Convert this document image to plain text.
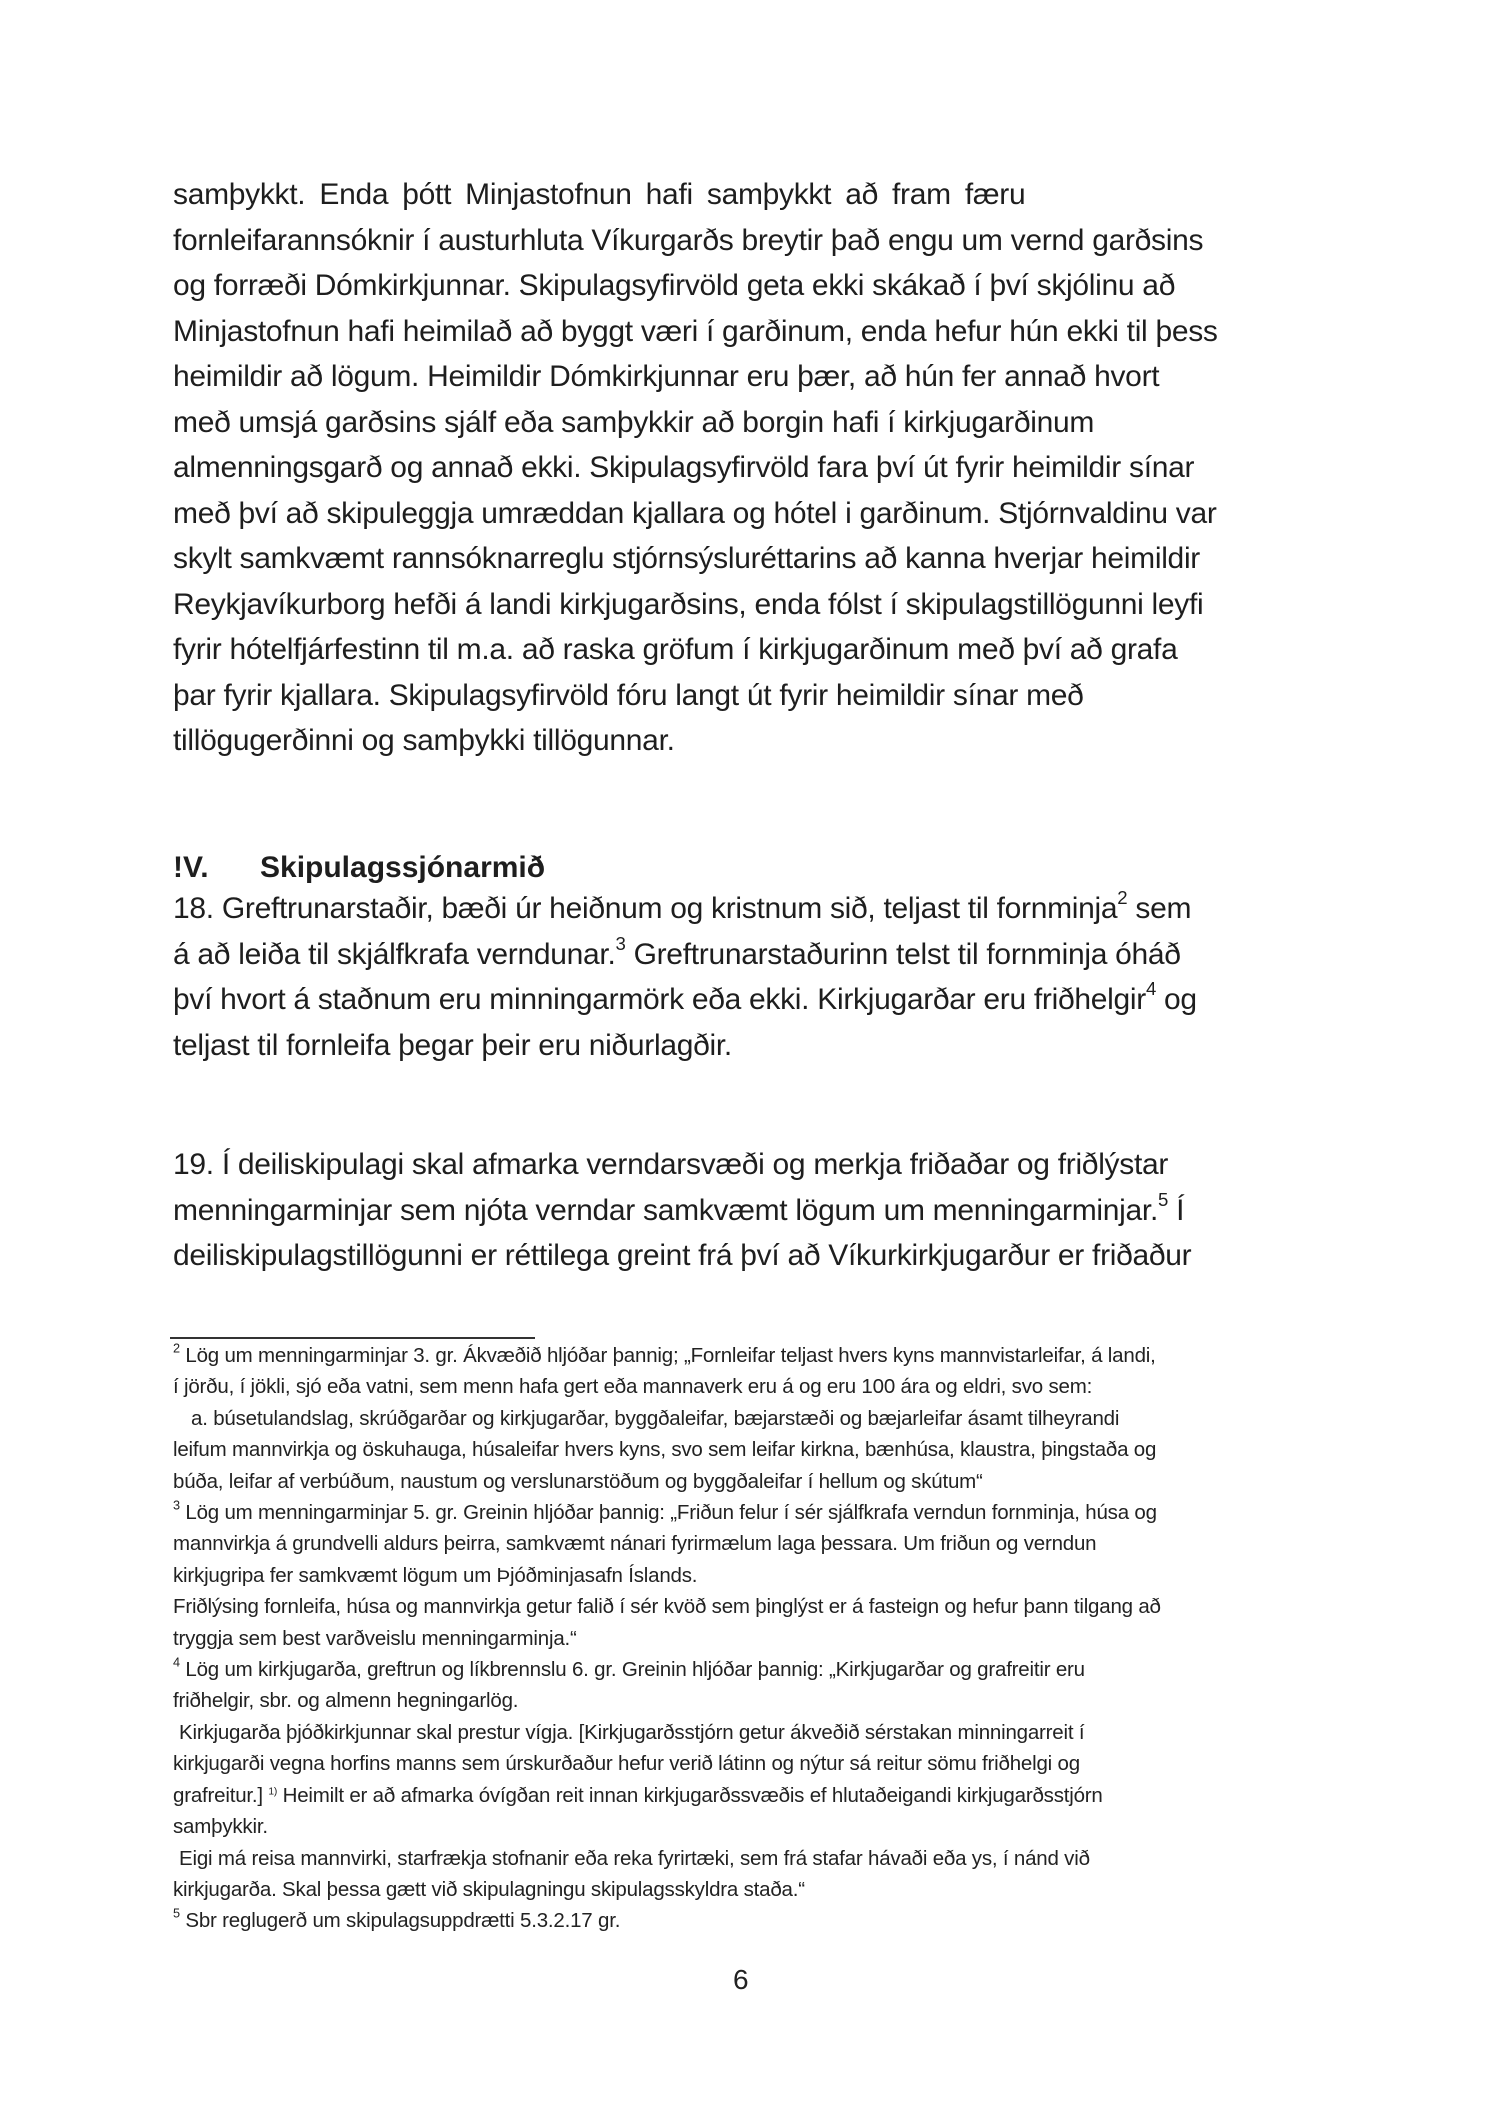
samþykkt. Enda þótt Minjastofnun hafi samþykkt að fram færu
fornleifarannsóknir í austurhluta Víkurgarðs breytir það engu um vernd garðsins
og forræði Dómkirkjunnar. Skipulagsyfirvöld geta ekki skákað í því skjólinu að
Minjastofnun hafi heimilað að byggt væri í garðinum, enda hefur hún ekki til þess
heimildir að lögum. Heimildir Dómkirkjunnar eru þær, að hún fer annað hvort
með umsjá garðsins sjálf eða samþykkir að borgin hafi í kirkjugarðinum
almenningsgarð og annað ekki. Skipulagsyfirvöld fara því út fyrir heimildir sínar
með því að skipuleggja umræddan kjallara og hótel i garðinum. Stjórnvaldinu var
skylt samkvæmt rannsóknarreglu stjórnsýsluréttarins að kanna hverjar heimildir
Reykjavíkurborg hefði á landi kirkjugarðsins, enda fólst í skipulagstillögunni leyfi
fyrir hótelfjárfestinn til m.a. að raska gröfum í kirkjugarðinum með því að grafa
þar fyrir kjallara. Skipulagsyfirvöld fóru langt út fyrir heimildir sínar með
tillögugerðinni og samþykki tillögunnar.
!V. Skipulagssjónarmið
18. Greftrunarstaðir, bæði úr heiðnum og kristnum sið, teljast til fornminja$^2$ sem
á að leiða til skjálfkrafa verndunar.$^3$ Greftrunarstaðurinn telst til fornminja óháð
því hvort á staðnum eru minningarmörk eða ekki. Kirkjugarðar eru friðhelgir$^4$ og
teljast til fornleifa þegar þeir eru niðurlagðir.
19. Í deiliskipulagi skal afmarka verndarsvæði og merkja friðaðar og friðlýstar
menningarminjar sem njóta verndar samkvæmt lögum um menningarminjar.$^5$ Í
deiliskipulagstillögunni er réttilega greint frá því að Víkurkirkjugarður er friðaður
$^2$ Lög um menningarminjar 3. gr. Ákvæðið hljóðar þannig; „Fornleifar teljast hvers kyns mannvistarleifar, á landi,
í jörðu, í jökli, sjó eða vatni, sem menn hafa gert eða mannaverk eru á og eru 100 ára og eldri, svo sem:
a. búsetulandslag, skrúðgarðar og kirkjugarðar, byggðaleifar, bæjarstæði og bæjarleifar ásamt tilheyrandi
leifum mannvirkja og öskuhauga, húsaleifar hvers kyns, svo sem leifar kirkna, bænhúsa, klaustra, þingstaða og
búða, leifar af verbúðum, naustum og verslunarstöðum og byggðaleifar í hellum og skútum“
$^3$ Lög um menningarminjar 5. gr. Greinin hljóðar þannig: „Friðun felur í sér sjálfkrafa verndun fornminja, húsa og
mannvirkja á grundvelli aldurs þeirra, samkvæmt nánari fyrirmælum laga þessara. Um friðun og verndun
kirkjugripa fer samkvæmt lögum um Þjóðminjasafn Íslands.
Friðlýsing fornleifa, húsa og mannvirkja getur falið í sér kvöð sem þinglýst er á fasteign og hefur þann tilgang að
tryggja sem best varðveislu menningarminja.“
$^4$ Lög um kirkjugarða, greftrun og líkbrennslu 6. gr. Greinin hljóðar þannig: „Kirkjugarðar og grafreitir eru
friðhelgir, sbr. og almenn hegningarlög.
Kirkjugarða þjóðkirkjunnar skal prestur vígja. [Kirkjugarðsstjórn getur ákveðið sérstakan minningarreit í
kirkjugarði vegna horfins manns sem úrskurðaður hefur verið látinn og nýtur sá reitur sömu friðhelgi og
grafreitur.] $^{1)}$ Heimilt er að afmarka óvígðan reit innan kirkjugarðssvæðis ef hlutaðeigandi kirkjugarðsstjórn
samþykkir.
Eigi má reisa mannvirki, starfrækja stofnanir eða reka fyrirtæki, sem frá stafar hávaði eða ys, í nánd við
kirkjugarða. Skal þessa gætt við skipulagningu skipulagsskyldra staða.“
$^5$ Sbr reglugerð um skipulagsuppdrætti 5.3.2.17 gr.
6
